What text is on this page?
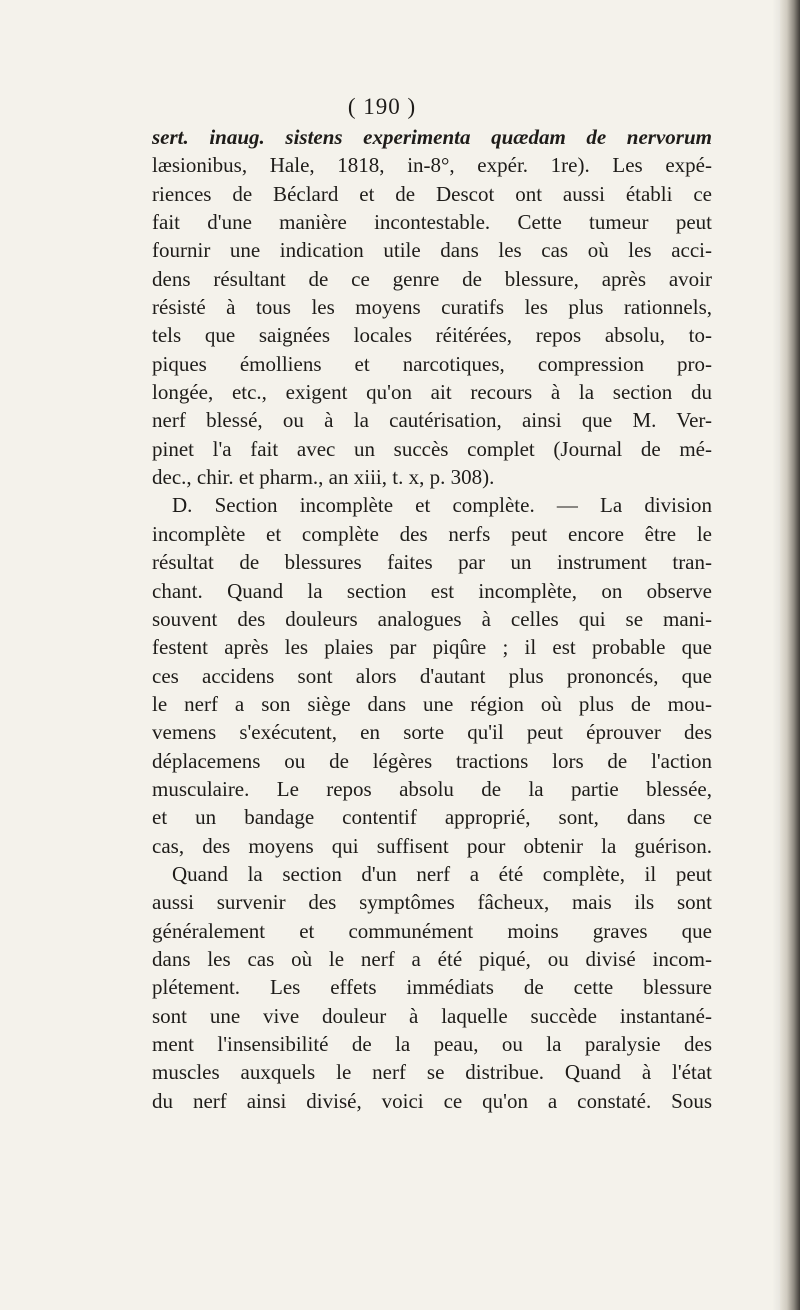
( 190 )
sert. inaug. sistens experimenta quædam de nervorum
læsionibus, Hale, 1818, in-8°, expér. 1re). Les expé-
riences de Béclard et de Descot ont aussi établi ce
fait d'une manière incontestable. Cette tumeur peut
fournir une indication utile dans les cas où les acci-
dens résultant de ce genre de blessure, après avoir
résisté à tous les moyens curatifs les plus rationnels,
tels que saignées locales réitérées, repos absolu, to-
piques émolliens et narcotiques, compression pro-
longée, etc., exigent qu'on ait recours à la section du
nerf blessé, ou à la cautérisation, ainsi que M. Ver-
pinet l'a fait avec un succès complet (Journal de mé-
dec., chir. et pharm., an xiii, t. x, p. 308).
D. Section incomplète et complète. — La division
incomplète et complète des nerfs peut encore être le
résultat de blessures faites par un instrument tran-
chant. Quand la section est incomplète, on observe
souvent des douleurs analogues à celles qui se mani-
festent après les plaies par piqûre ; il est probable que
ces accidens sont alors d'autant plus prononcés, que
le nerf a son siège dans une région où plus de mou-
vemens s'exécutent, en sorte qu'il peut éprouver des
déplacemens ou de légères tractions lors de l'action
musculaire. Le repos absolu de la partie blessée,
et un bandage contentif approprié, sont, dans ce
cas, des moyens qui suffisent pour obtenir la guérison.
Quand la section d'un nerf a été complète, il peut
aussi survenir des symptômes fâcheux, mais ils sont
généralement et communément moins graves que
dans les cas où le nerf a été piqué, ou divisé incom-
plétement. Les effets immédiats de cette blessure
sont une vive douleur à laquelle succède instantané-
ment l'insensibilité de la peau, ou la paralysie des
muscles auxquels le nerf se distribue. Quand à l'état
du nerf ainsi divisé, voici ce qu'on a constaté. Sous
